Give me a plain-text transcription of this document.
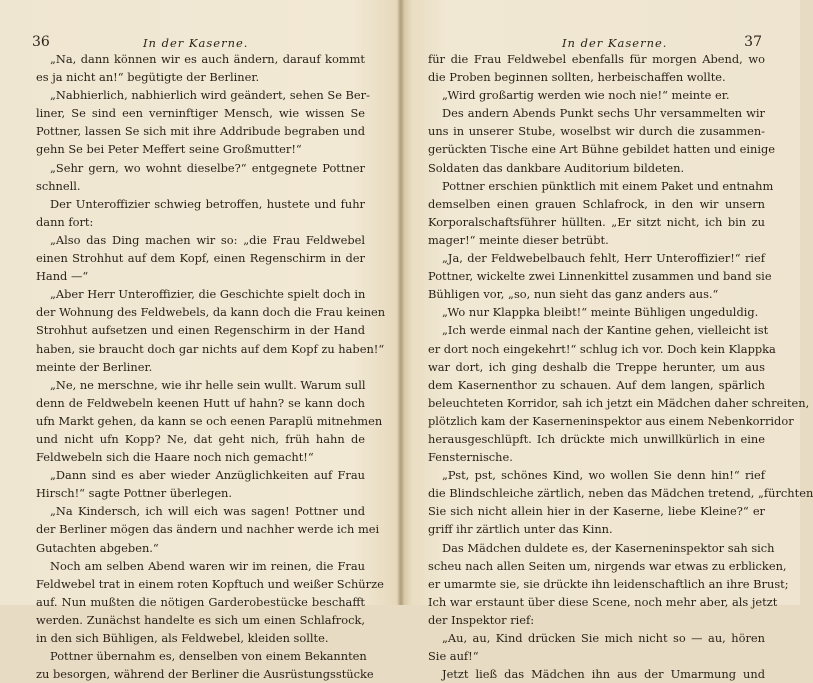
36	In der Kaserne.
„Na, dann können wir es auch ändern, darauf kommt
es ja nicht an!“ begütigte der Berliner.
„Nabhierlich, nabhierlich wird geändert, sehen Se Ber-
liner, Se sind een verninftiger Mensch, wie wissen Se
Pottner, lassen Se sich mit ihre Addribude begraben und
gehn Se bei Peter Meffert seine Großmutter!“
„Sehr gern, wo wohnt dieselbe?“ entgegnete Pottner
schnell.
Der Unteroffizier schwieg betroffen, hustete und fuhr
dann fort:
„Also das Ding machen wir so: „die Frau Feldwebel
einen Strohhut auf dem Kopf, einen Regenschirm in der
Hand —“
„Aber Herr Unteroffizier, die Geschichte spielt doch in
der Wohnung des Feldwebels, da kann doch die Frau keinen
Strohhut aufsetzen und einen Regenschirm in der Hand
haben, sie braucht doch gar nichts auf dem Kopf zu haben!“
meinte der Berliner.
„Ne, ne merschne, wie ihr helle sein wullt. Warum sull
denn de Feldwebeln keenen Hutt uf hahn? se kann doch
ufn Markt gehen, da kann se och eenen Paraplü mitnehmen
und nicht ufn Kopp? Ne, dat geht nich, früh hahn de
Feldwebeln sich die Haare noch nich gemacht!“
„Dann sind es aber wieder Anzüglichkeiten auf Frau
Hirsch!“ sagte Pottner überlegen.
„Na Kindersch, ich will eich was sagen! Pottner und
der Berliner mögen das ändern und nachher werde ich mei
Gutachten abgeben.“
Noch am selben Abend waren wir im reinen, die Frau
Feldwebel trat in einem roten Kopftuch und weißer Schürze
auf. Nun mußten die nötigen Garderobestücke beschafft
werden. Zunächst handelte es sich um einen Schlafrock,
in den sich Bühligen, als Feldwebel, kleiden sollte.
Pottner übernahm es, denselben von einem Bekannten
zu besorgen, während der Berliner die Ausrüstungsstücke
In der Kaserne.	37
für die Frau Feldwebel ebenfalls für morgen Abend, wo
die Proben beginnen sollten, herbeischaffen wollte.
„Wird großartig werden wie noch nie!“ meinte er.
Des andern Abends Punkt sechs Uhr versammelten wir
uns in unserer Stube, woselbst wir durch die zusammen-
gerückten Tische eine Art Bühne gebildet hatten und einige
Soldaten das dankbare Auditorium bildeten.
Pottner erschien pünktlich mit einem Paket und entnahm
demselben einen grauen Schlafrock, in den wir unsern
Korporalschaftsführer hüllten. „Er sitzt nicht, ich bin zu
mager!“ meinte dieser betrübt.
„Ja, der Feldwebelbauch fehlt, Herr Unteroffizier!“ rief
Pottner, wickelte zwei Linnenkittel zusammen und band sie
Bühligen vor, „so, nun sieht das ganz anders aus.“
„Wo nur Klappka bleibt!“ meinte Bühligen ungeduldig.
„Ich werde einmal nach der Kantine gehen, vielleicht ist
er dort noch eingekehrt!“ schlug ich vor. Doch kein Klappka
war dort, ich ging deshalb die Treppe herunter, um aus
dem Kasernenthor zu schauen. Auf dem langen, spärlich
beleuchteten Korridor, sah ich jetzt ein Mädchen daher schreiten,
plötzlich kam der Kaserneninspektor aus einem Nebenkorridor
herausgeschlüpft. Ich drückte mich unwillkürlich in eine
Fensternische.
„Pst, pst, schönes Kind, wo wollen Sie denn hin!“ rief
die Blindschleiche zärtlich, neben das Mädchen tretend, „fürchten
Sie sich nicht allein hier in der Kaserne, liebe Kleine?“ er
griff ihr zärtlich unter das Kinn.
Das Mädchen duldete es, der Kaserneninspektor sah sich
scheu nach allen Seiten um, nirgends war etwas zu erblicken,
er umarmte sie, sie drückte ihn leidenschaftlich an ihre Brust;
Ich war erstaunt über diese Scene, noch mehr aber, als jetzt
der Inspektor rief:
„Au, au, Kind drücken Sie mich nicht so — au, hören
Sie auf!“
Jetzt ließ das Mädchen ihn aus der Umarmung und
